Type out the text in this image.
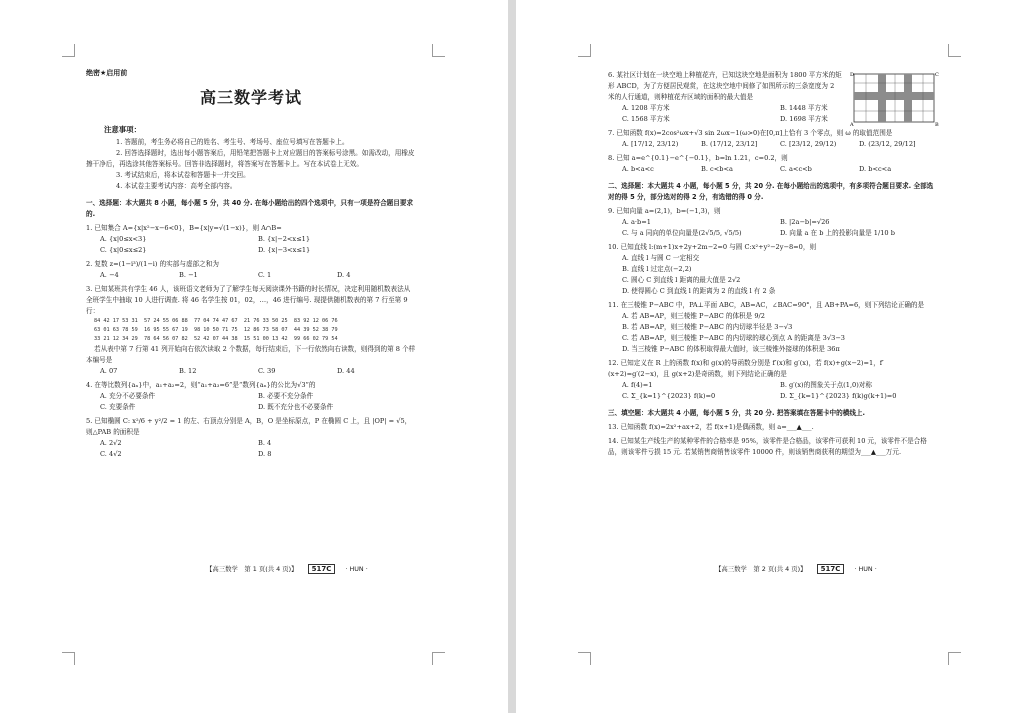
绝密★启用前

高三数学考试

注意事项：

1. 答题前，考生务必将自己的姓名、考生号、考场号、座位号填写在答题卡上。

2. 回答选择题时，选出每小题答案后，用铅笔把答题卡上对应题目的答案标号涂黑。如需改动，用橡皮擦干净后，再选涂其他答案标号。回答非选择题时，将答案写在答题卡上。写在本试卷上无效。

3. 考试结束后，将本试卷和答题卡一并交回。

4. 本试卷主要考试内容：高考全部内容。

一、选择题：本大题共 8 小题，每小题 5 分，共 40 分. 在每小题给出的四个选项中，只有一项是符合题目要求的.

1. 已知集合 A={x|x²−x−6<0}，B={x|y=√(1−x)}，则 A∩B=

A. {x|0≤x<3}	B. {x|−2<x≤1}
C. {x|0≤x≤2}	D. {x|−3<x≤1}

2. 复数 z=(1−i³)/(1−i) 的实部与虚部之和为

A. −4	B. −1	C. 1	D. 4

3. 已知某班共有学生 46 人，该班语文老师为了了解学生每天阅读课外书籍的时长情况，决定利用随机数表法从全班学生中抽取 10 人进行调查. 将 46 名学生按 01，02，…，46 进行编号. 现提供随机数表的第 7 行至第 9 行：

84 42 17 53 31  57 24 55 06 88  77 04 74 47 67  21 76 33 50 25  83 92 12 06 76
63 01 63 78 59  16 95 55 67 19  98 10 50 71 75  12 86 73 58 07  44 39 52 38 79
33 21 12 34 29  78 64 56 07 82  52 42 07 44 38  15 51 00 13 42  99 66 02 79 54

若从表中第 7 行第 41 列开始向右依次读取 2 个数据，每行结束后，下一行依然向右读数，则得到的第 8 个样本编号是

A. 07	B. 12	C. 39	D. 44

4. 在等比数列{aₙ}中，a₁+a₂=2，则“a₁+a₃=6”是“数列{aₙ}的公比为√3”的

A. 充分不必要条件	B. 必要不充分条件
C. 充要条件	D. 既不充分也不必要条件

5. 已知椭圆 C: x²/6 + y²/2 = 1 的左、右顶点分别是 A，B，O 是坐标原点，P 在椭圆 C 上，且 |OP| = √5，则△PAB 的面积是

A. 2√2	B. 4
C. 4√2	D. 8
【高三数学　第 1 页(共 4 页)】 517C · HUN ·

6. 某社区计划在一块空地上种植花卉，已知这块空地是面积为 1800 平方米的矩形 ABCD，为了方便居民观赏，在这块空地中间修了如图所示的三条宽度为 2 米的人行通道，则种植花卉区域的面积的最大值是

D	C
A	B
A. 1208 平方米	B. 1448 平方米
C. 1568 平方米	D. 1698 平方米

7. 已知函数 f(x)=2cos²ωx+√3 sin 2ωx−1(ω>0)在[0,π]上恰有 3 个零点，则 ω 的取值范围是

A. [17/12, 23/12)	B. (17/12, 23/12]	C. [23/12, 29/12)	D. (23/12, 29/12]

8. 已知 a=e^{0.1}−e^{−0.1}，b=ln 1.21，c=0.2，则

A. b<a<c	B. c<b<a	C. a<c<b	D. b<c<a

二、选择题：本大题共 4 小题，每小题 5 分，共 20 分. 在每小题给出的选项中，有多项符合题目要求. 全部选对的得 5 分，部分选对的得 2 分，有选错的得 0 分.

9. 已知向量 a=(2,1)，b=(−1,3)，则

A. a·b=1	B. |2a−b|=√26
C. 与 a 同向的单位向量是(2√5/5, √5/5)	D. 向量 a 在 b 上的投影向量是 1/10 b

10. 已知直线 l:(m+1)x+2y+2m−2=0 与圆 C:x²+y²−2y−8=0，则

A. 直线 l 与圆 C 一定相交
B. 直线 l 过定点(−2,2)
C. 圆心 C 到直线 l 距离的最大值是 2√2
D. 使得圆心 C 到直线 l 的距离为 2 的直线 l 有 2 条

11. 在三棱锥 P−ABC 中，PA⊥平面 ABC，AB=AC，∠BAC=90°，且 AB+PA=6，则下列结论正确的是

A. 若 AB=AP，则三棱锥 P−ABC 的体积是 9/2
B. 若 AB=AP，则三棱锥 P−ABC 的内切球半径是 3−√3
C. 若 AB=AP，则三棱锥 P−ABC 的内切球的球心到点 A 的距离是 3√3−3
D. 当三棱锥 P−ABC 的体积取得最大值时，该三棱锥外接球的体积是 36π

12. 已知定义在 R 上的函数 f(x)和 g(x)的导函数分别是 f′(x)和 g′(x)，若 f(x)+g(x−2)=1，f′(x+2)=g′(2−x)，且 g(x+2)是奇函数，则下列结论正确的是

A. f(4)=1	B. g′(x)的图象关于点(1,0)对称
C. Σ_{k=1}^{2023} f(k)=0	D. Σ_{k=1}^{2023} f(k)g(k+1)=0

三、填空题：本大题共 4 小题，每小题 5 分，共 20 分. 把答案填在答题卡中的横线上.

13. 已知函数 f(x)=2x²+ax+2，若 f(x+1)是偶函数，则 a=___▲___.

14. 已知某生产线生产的某种零件的合格率是 95%，该零件是合格品，该零件可获利 10 元，该零件不是合格品，则该零件亏损 15 元. 若某销售商销售该零件 10000 件，则该销售商获利的期望为___▲___万元.

【高三数学　第 2 页(共 4 页)】 517C · HUN ·
